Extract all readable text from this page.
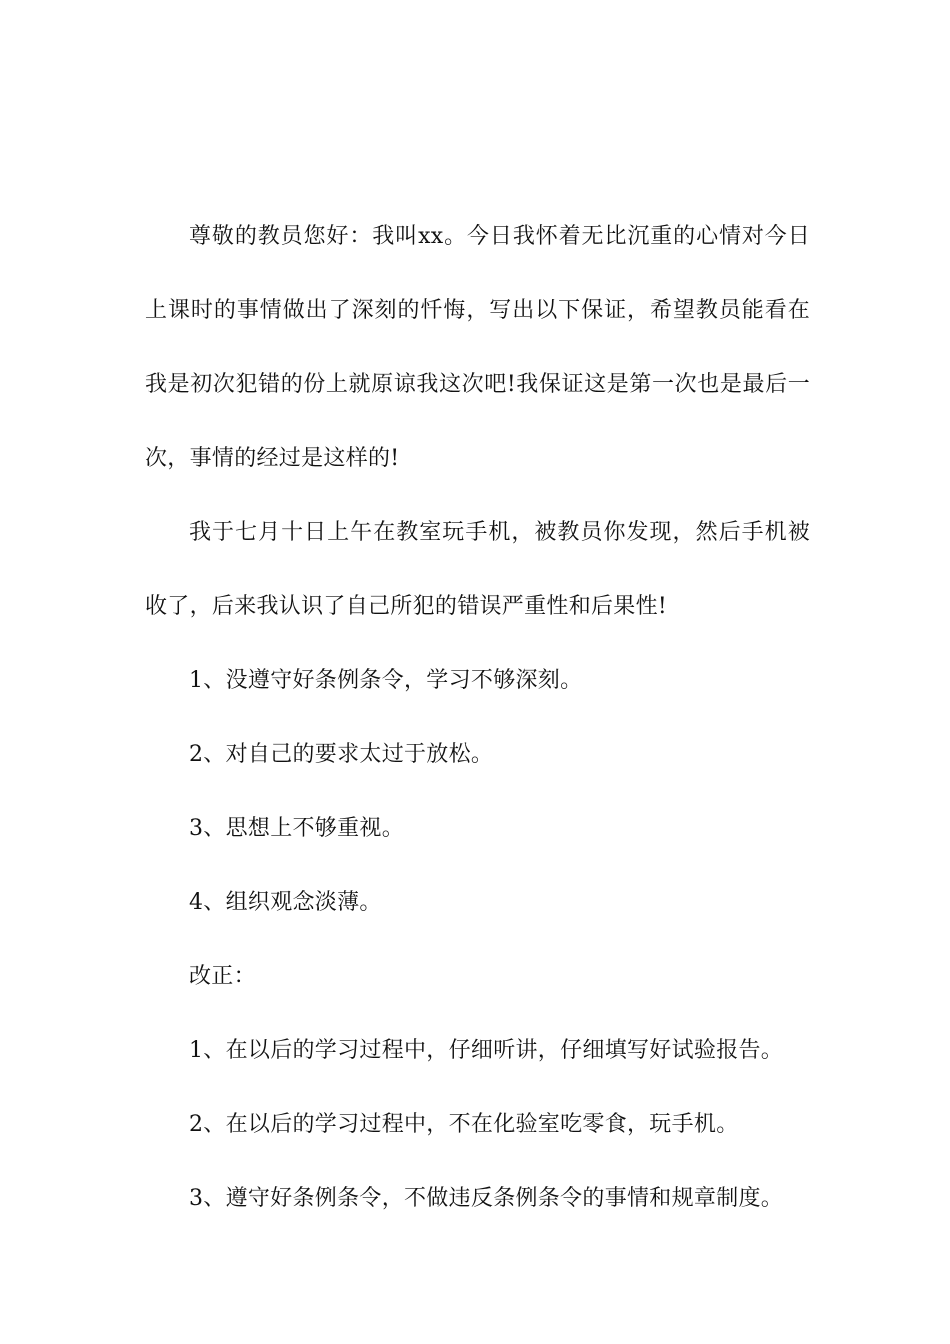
尊敬的教员您好：我叫xx。今日我怀着无比沉重的心情对今日上课时的事情做出了深刻的忏悔，写出以下保证，希望教员能看在我是初次犯错的份上就原谅我这次吧!我保证这是第一次也是最后一次，事情的经过是这样的!

我于七月十日上午在教室玩手机，被教员你发现，然后手机被收了，后来我认识了自己所犯的错误严重性和后果性!

1、没遵守好条例条令，学习不够深刻。

2、对自己的要求太过于放松。

3、思想上不够重视。

4、组织观念淡薄。

改正：

1、在以后的学习过程中，仔细听讲，仔细填写好试验报告。

2、在以后的学习过程中，不在化验室吃零食，玩手机。

3、遵守好条例条令，不做违反条例条令的事情和规章制度。
